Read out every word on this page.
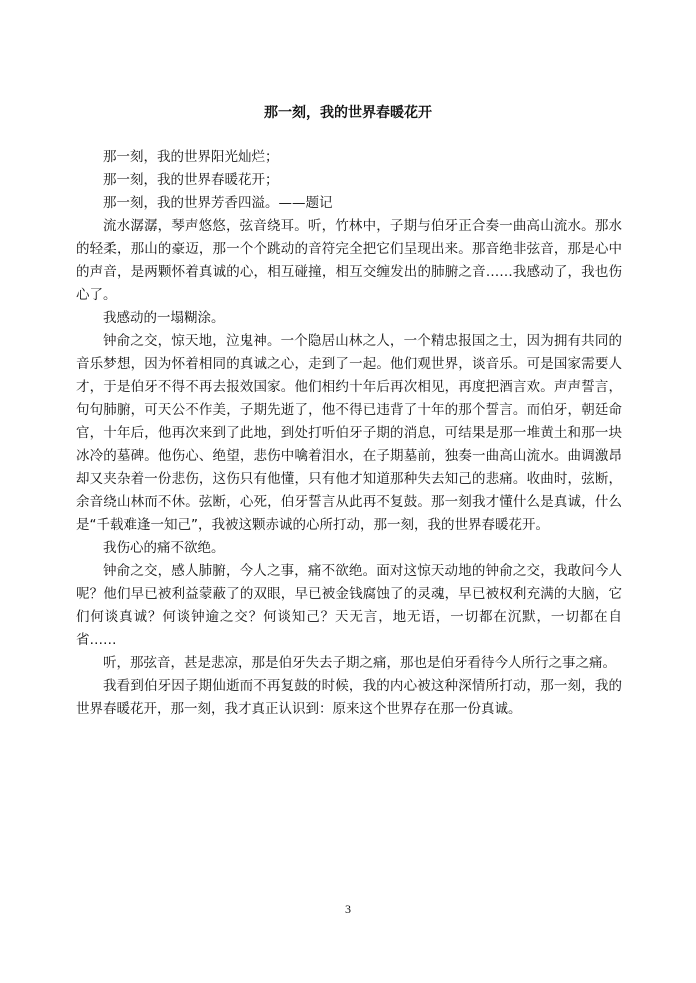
那一刻，我的世界春暖花开

那一刻，我的世界阳光灿烂；

那一刻，我的世界春暖花开；

那一刻，我的世界芳香四溢。——题记

流水潺潺，琴声悠悠，弦音绕耳。听，竹林中，子期与伯牙正合奏一曲高山流水。那水的轻柔，那山的豪迈，那一个个跳动的音符完全把它们呈现出来。那音绝非弦音，那是心中的声音，是两颗怀着真诚的心，相互碰撞，相互交缠发出的肺腑之音……我感动了，我也伤心了。

我感动的一塌糊涂。

钟俞之交，惊天地，泣鬼神。一个隐居山林之人，一个精忠报国之士，因为拥有共同的音乐梦想，因为怀着相同的真诚之心，走到了一起。他们观世界，谈音乐。可是国家需要人才，于是伯牙不得不再去报效国家。他们相约十年后再次相见，再度把酒言欢。声声誓言，句句肺腑，可天公不作美，子期先逝了，他不得已违背了十年的那个誓言。而伯牙，朝廷命官，十年后，他再次来到了此地，到处打听伯牙子期的消息，可结果是那一堆黄土和那一块冰冷的墓碑。他伤心、绝望，悲伤中噙着泪水，在子期墓前，独奏一曲高山流水。曲调激昂却又夹杂着一份悲伤，这伤只有他懂，只有他才知道那种失去知己的悲痛。收曲时，弦断，余音绕山林而不休。弦断，心死，伯牙誓言从此再不复鼓。那一刻我才懂什么是真诚，什么是“千载难逢一知己”，我被这颗赤诚的心所打动，那一刻，我的世界春暖花开。

我伤心的痛不欲绝。

钟俞之交，感人肺腑，今人之事，痛不欲绝。面对这惊天动地的钟俞之交，我敢问今人呢？他们早已被利益蒙蔽了的双眼，早已被金钱腐蚀了的灵魂，早已被权利充满的大脑，它们何谈真诚？何谈钟逾之交？何谈知己？天无言，地无语，一切都在沉默，一切都在自省……

听，那弦音，甚是悲凉，那是伯牙失去子期之痛，那也是伯牙看待今人所行之事之痛。

我看到伯牙因子期仙逝而不再复鼓的时候，我的内心被这种深情所打动，那一刻，我的世界春暖花开，那一刻，我才真正认识到：原来这个世界存在那一份真诚。

3
